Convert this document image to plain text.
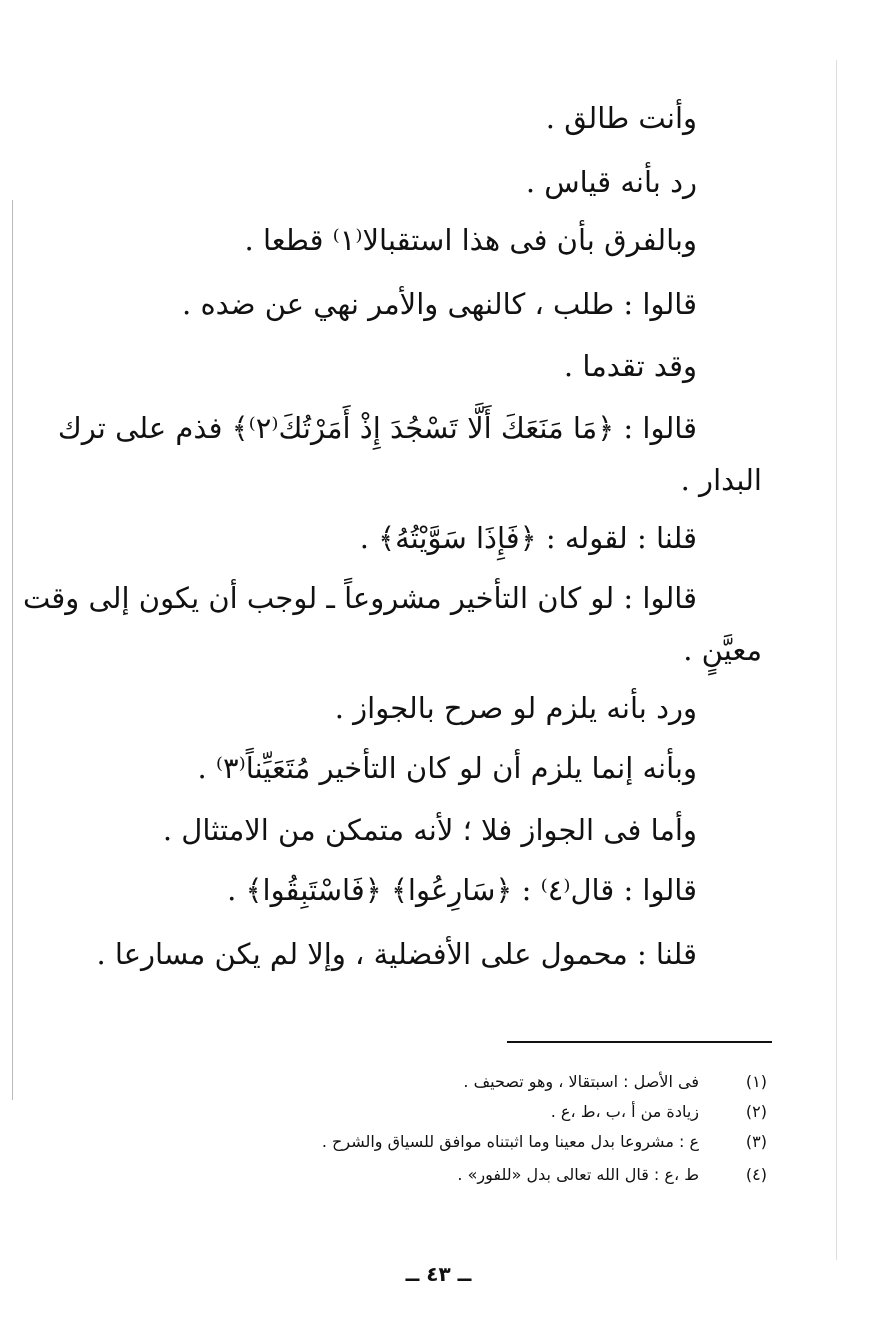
وأنت طالق .
رد بأنه قياس .
وبالفرق بأن فى هذا استقبالا⁽١⁾ قطعا .
قالوا : طلب ، كالنهى والأمر نهي عن ضده .
وقد تقدما .
قالوا : ﴿مَا مَنَعَكَ أَلَّا تَسْجُدَ إِذْ أَمَرْتُكَ⁽٢⁾﴾ فذم على ترك
البدار .
قلنا : لقوله : ﴿فَإِذَا سَوَّيْتُهُ﴾ .
قالوا : لو كان التأخير مشروعاً ـ لوجب أن يكون إلى وقت
معيَّنٍ .
ورد بأنه يلزم لو صرح بالجواز .
وبأنه إنما يلزم أن لو كان التأخير مُتَعَيِّناً⁽٣⁾ .
وأما فى الجواز فلا ؛ لأنه متمكن من الامتثال .
قالوا : قال⁽٤⁾ : ﴿سَارِعُوا﴾ ﴿فَاسْتَبِقُوا﴾ .
قلنا : محمول على الأفضلية ، وإلا لم يكن مسارعا .
(١)فى الأصل : اسبتقالا ، وهو تصحيف .
(٢)زيادة من أ ،ب ،ط ،ع .
(٣)ع : مشروعا بدل معينا وما اثبتناه موافق للسياق والشرح .
(٤)ط ،ع : قال الله تعالى بدل «للفور» .
ــ ٤٣ ــ
